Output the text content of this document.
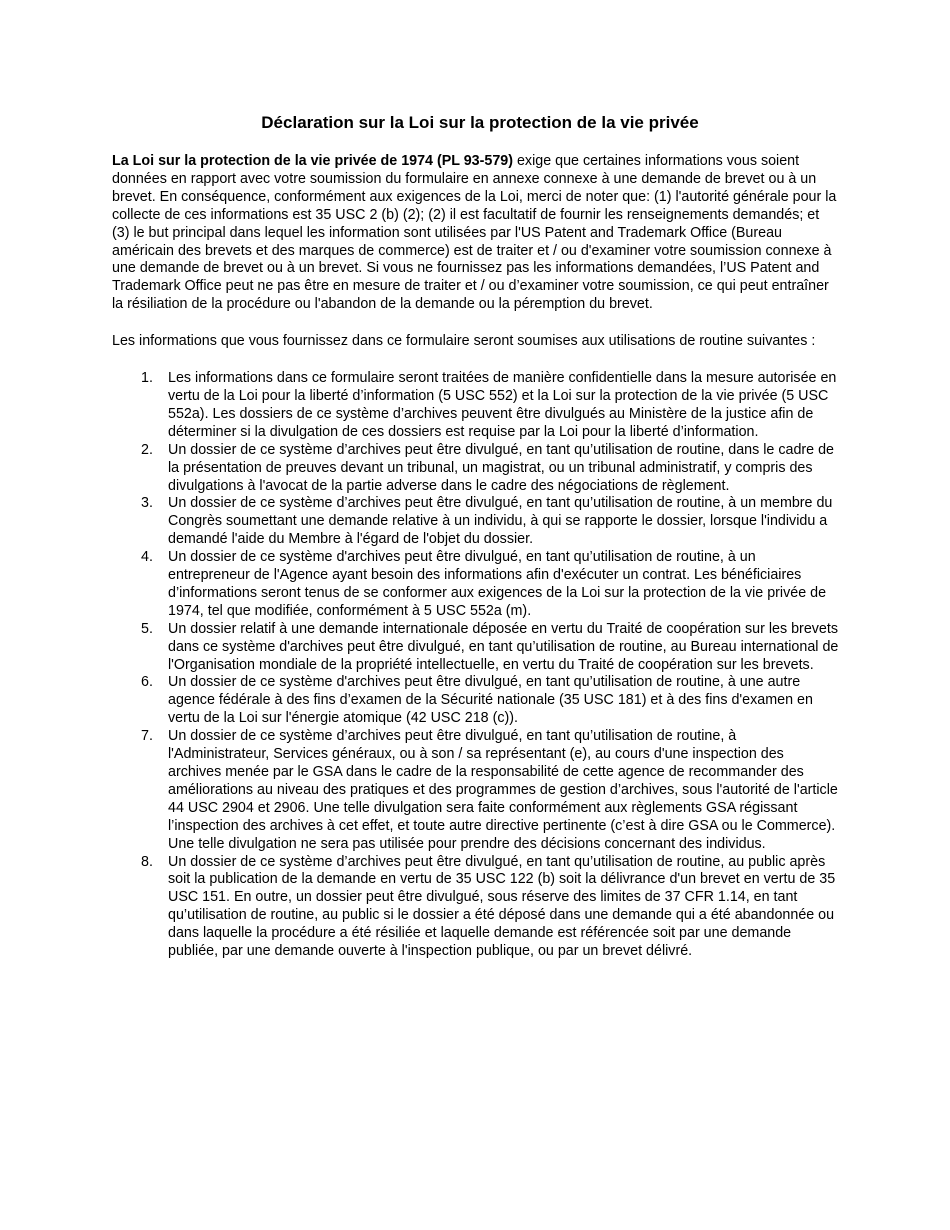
Déclaration sur la Loi sur la protection de la vie privée

La Loi sur la protection de la vie privée de 1974 (PL 93-579) exige que certaines informations vous soient données en rapport avec votre soumission du formulaire en annexe connexe à une demande de brevet ou à un brevet. En conséquence, conformément aux exigences de la Loi, merci de noter que: (1) l'autorité générale pour la collecte de ces informations est 35 USC 2 (b) (2); (2) il est facultatif de fournir les renseignements demandés; et (3) le but principal dans lequel les information sont utilisées par l'US Patent and Trademark Office (Bureau américain des brevets et des marques de commerce) est de traiter et / ou d'examiner votre soumission connexe à une demande de brevet ou à un brevet. Si vous ne fournissez pas les informations demandées, l’US Patent and Trademark Office peut ne pas être en mesure de traiter et / ou d’examiner votre soumission, ce qui peut entraîner la résiliation de la procédure ou l'abandon de la demande ou la péremption du brevet.

Les informations que vous fournissez dans ce formulaire seront soumises aux utilisations de routine suivantes :

1. Les informations dans ce formulaire seront traitées de manière confidentielle dans la mesure autorisée en vertu de la Loi pour la liberté d’information (5 USC 552) et la Loi sur la protection de la vie privée (5 USC 552a). Les dossiers de ce système d’archives peuvent être divulgués au Ministère de la justice afin de déterminer si la divulgation de ces dossiers est requise par la Loi pour la liberté d’information.
2. Un dossier de ce système d’archives peut être divulgué, en tant qu’utilisation de routine, dans le cadre de la présentation de preuves devant un tribunal, un magistrat, ou un tribunal administratif, y compris des divulgations à l'avocat de la partie adverse dans le cadre des négociations de règlement.
3. Un dossier de ce système d’archives peut être divulgué, en tant qu’utilisation de routine, à un membre du Congrès soumettant une demande relative à un individu, à qui se rapporte le dossier, lorsque l'individu a demandé l'aide du Membre à l'égard de l'objet du dossier.
4. Un dossier de ce système d'archives peut être divulgué, en tant qu’utilisation de routine, à un entrepreneur de l'Agence ayant besoin des informations afin d'exécuter un contrat. Les bénéficiaires d’informations seront tenus de se conformer aux exigences de la Loi sur la protection de la vie privée de 1974, tel que modifiée, conformément à 5 USC 552a (m).
5. Un dossier relatif à une demande internationale déposée en vertu du Traité de coopération sur les brevets dans ce système d'archives peut être divulgué, en tant qu’utilisation de routine, au Bureau international de l'Organisation mondiale de la propriété intellectuelle, en vertu du Traité de coopération sur les brevets.
6. Un dossier de ce système d'archives peut être divulgué, en tant qu’utilisation de routine, à une autre agence fédérale à des fins d’examen de la Sécurité nationale (35 USC 181) et à des fins d'examen en vertu de la Loi sur l'énergie atomique (42 USC 218 (c)).
7. Un dossier de ce système d’archives peut être divulgué, en tant qu’utilisation de routine, à l'Administrateur, Services généraux, ou à son / sa représentant (e), au cours d'une inspection des archives menée par le GSA dans le cadre de la responsabilité de cette agence de recommander des améliorations au niveau des pratiques et des programmes de gestion d’archives, sous l'autorité de l'article 44 USC 2904 et 2906. Une telle divulgation sera faite conformément aux règlements GSA régissant l’inspection des archives à cet effet, et toute autre directive pertinente (c’est à dire GSA ou le Commerce). Une telle divulgation ne sera pas utilisée pour prendre des décisions concernant des individus.
8. Un dossier de ce système d’archives peut être divulgué, en tant qu’utilisation de routine, au public après soit la publication de la demande en vertu de 35 USC 122 (b) soit la délivrance d'un brevet en vertu de 35 USC 151. En outre, un dossier peut être divulgué, sous réserve des limites de 37 CFR 1.14, en tant qu’utilisation de routine, au public si le dossier a été déposé dans une demande qui a été abandonnée ou dans laquelle la procédure a été résiliée et laquelle demande est référencée soit par une demande publiée, par une demande ouverte à l'inspection publique, ou par un brevet délivré.
